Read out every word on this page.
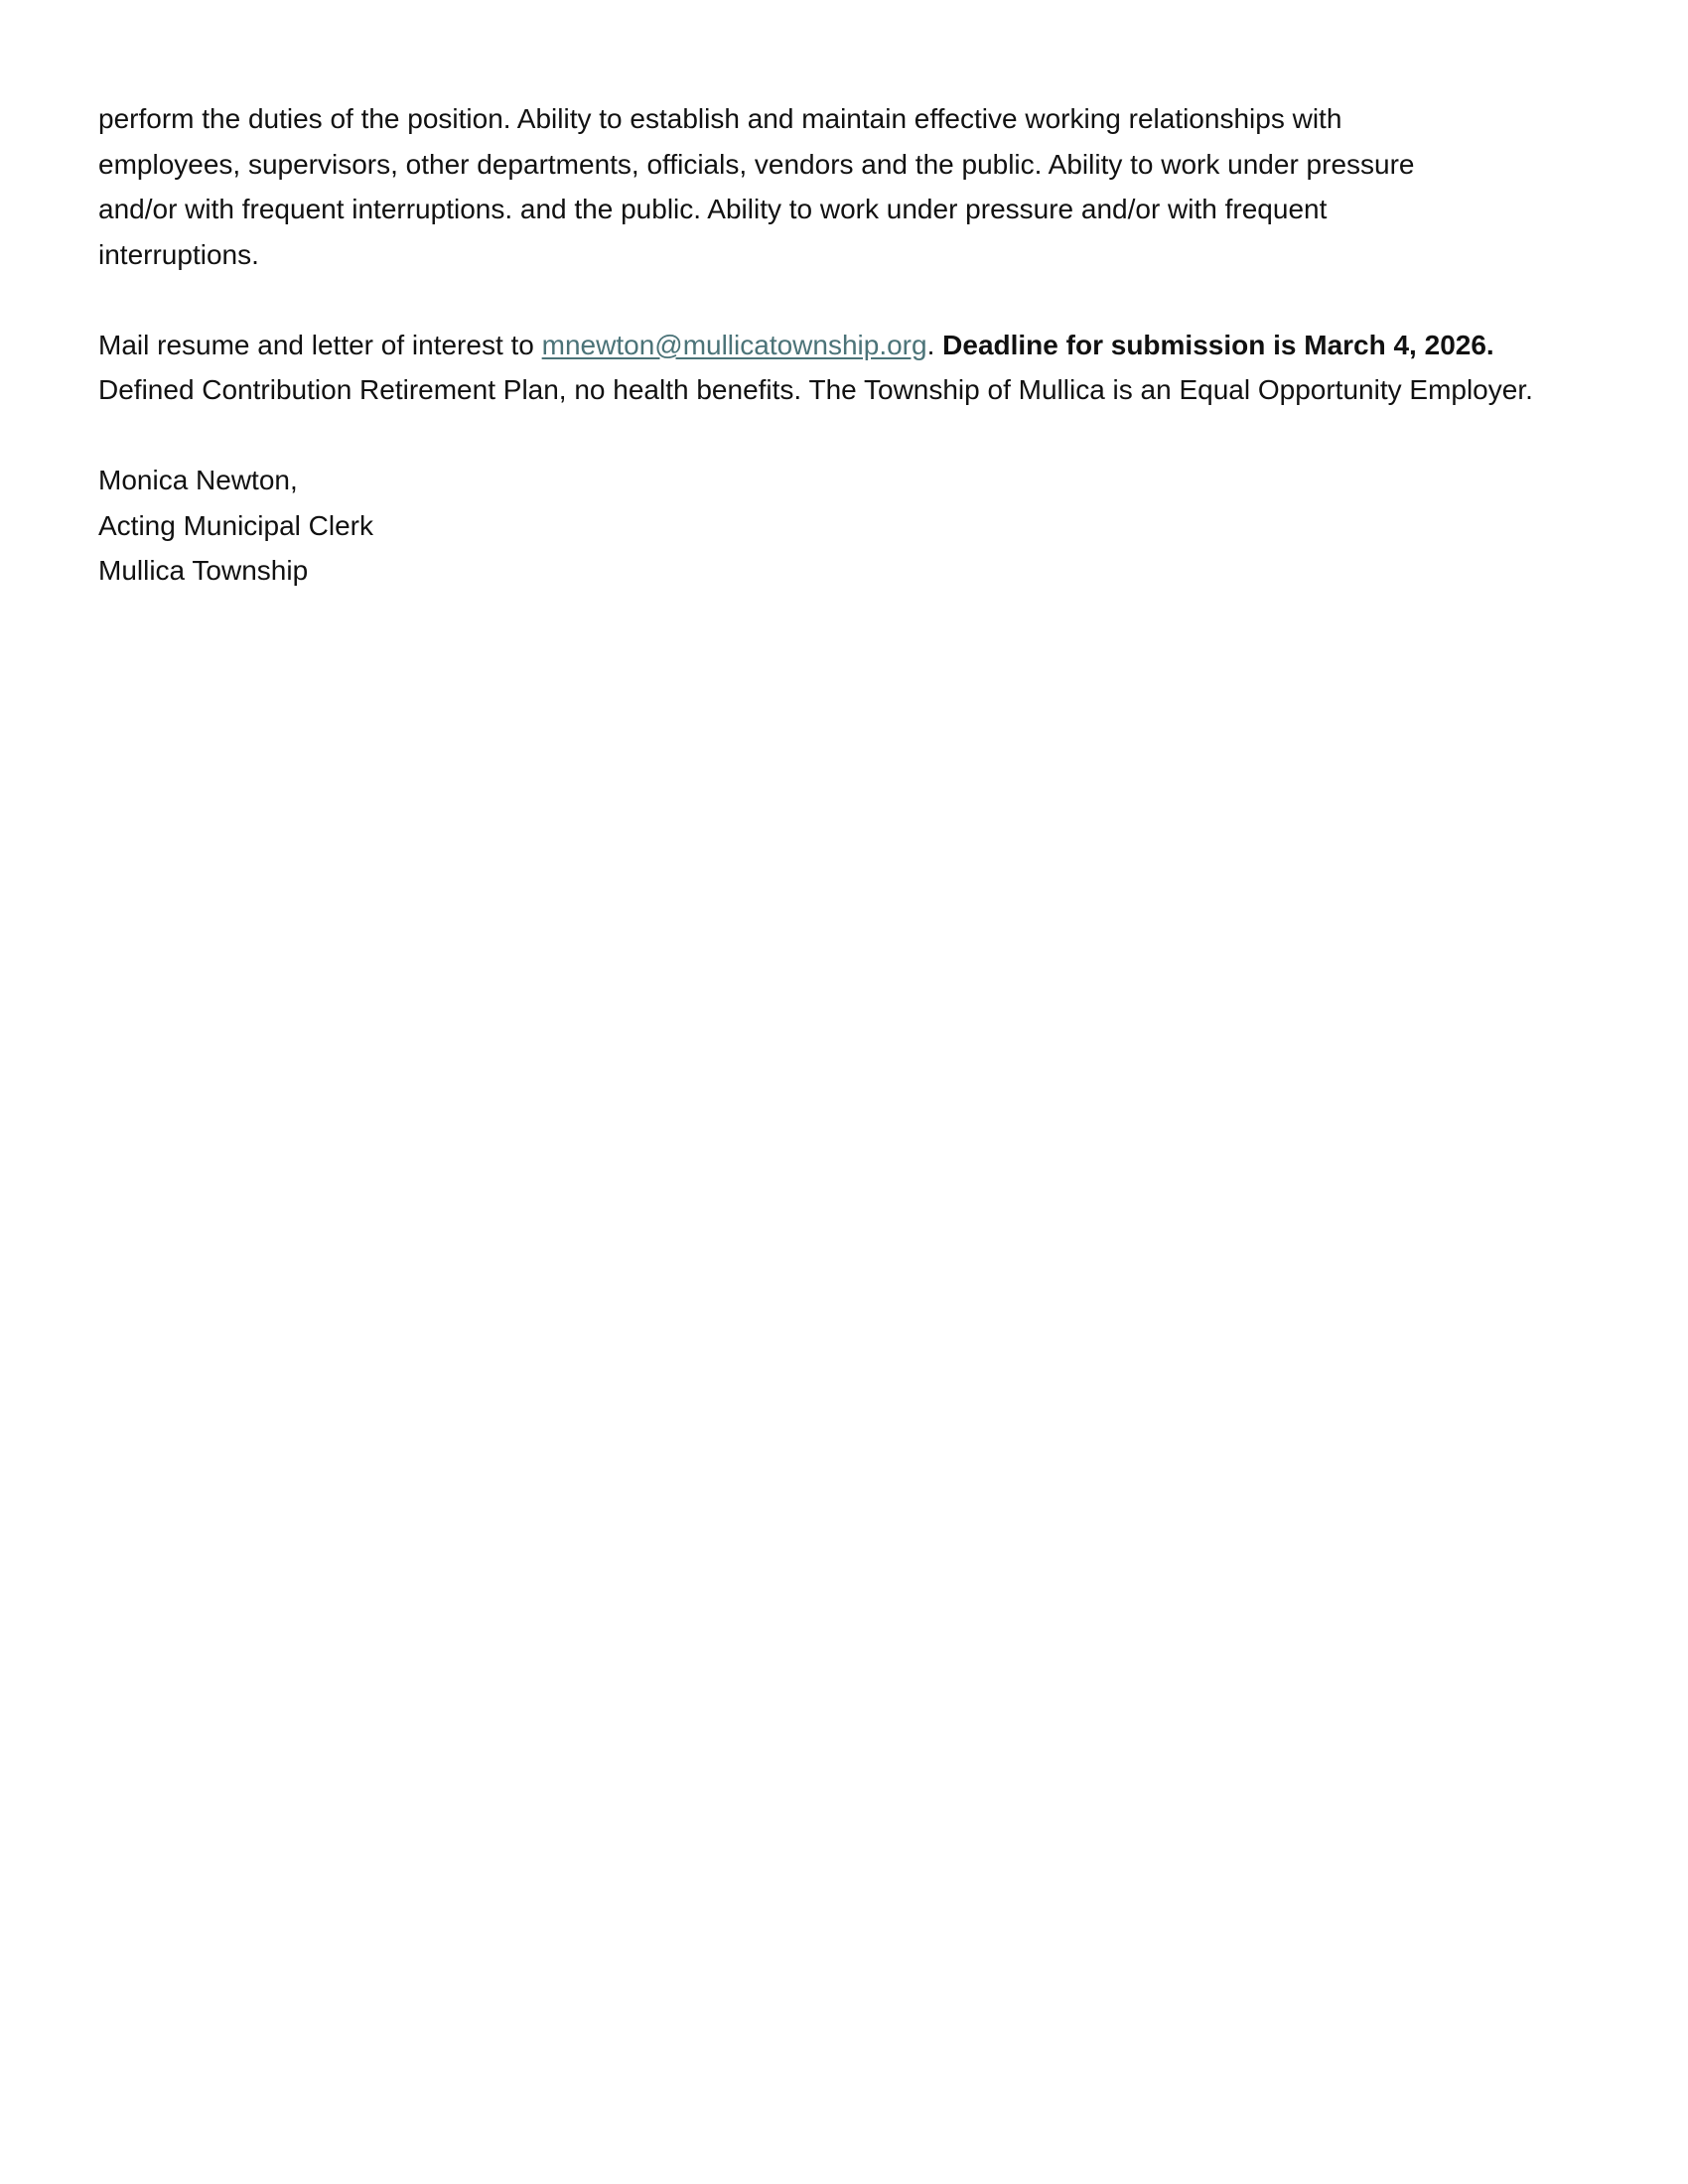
perform the duties of the position. Ability to establish and maintain effective working relationships with
employees, supervisors, other departments, officials, vendors and the public. Ability to work under pressure
and/or with frequent interruptions. and the public. Ability to work under pressure and/or with frequent
interruptions.

Mail resume and letter of interest to mnewton@mullicatownship.org. Deadline for submission is March 4, 2026.
Defined Contribution Retirement Plan, no health benefits. The Township of Mullica is an Equal Opportunity Employer.

Monica Newton,
Acting Municipal Clerk
Mullica Township
